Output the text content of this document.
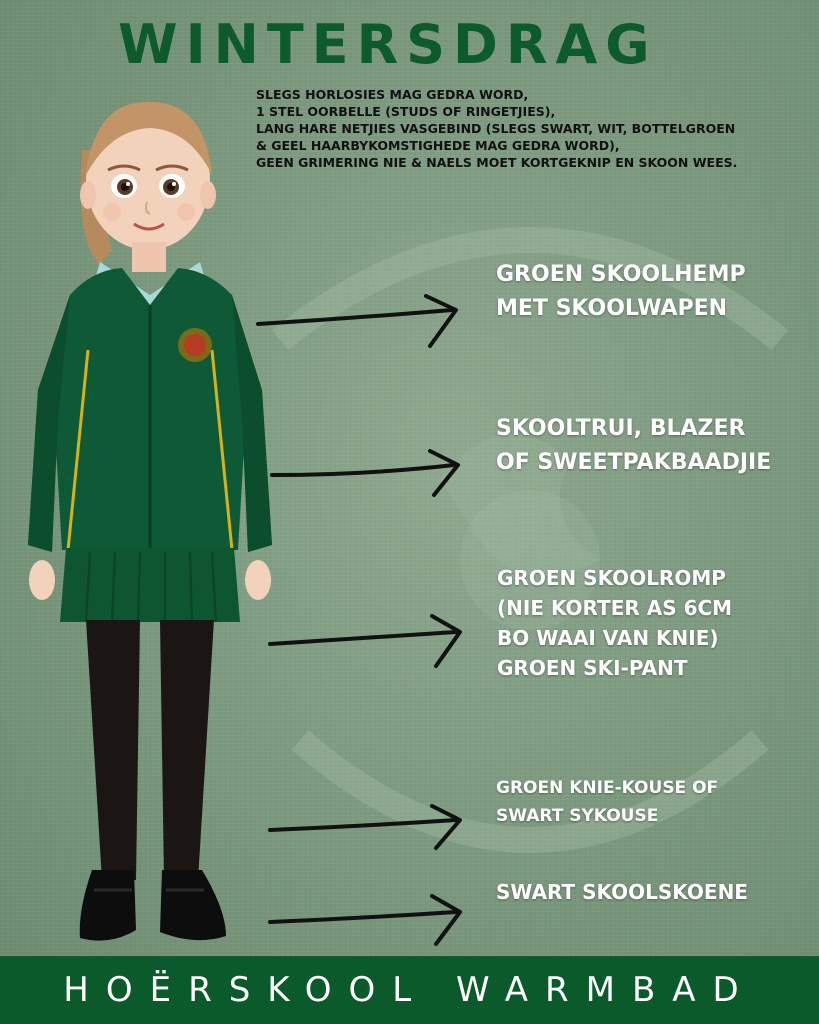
WINTERSDRAG
SLEGS HORLOSIES MAG GEDRA WORD,
1 STEL OORBELLE (STUDS OF RINGETJIES),
LANG HARE NETJIES VASGEBIND (SLEGS SWART, WIT, BOTTELGROEN
& GEEL HAARBYKOMSTIGHEDE MAG GEDRA WORD),
GEEN GRIMERING NIE & NAELS MOET KORTGEKNIP EN SKOON WEES.
GROEN SKOOLHEMP
MET SKOOLWAPEN
SKOOLTRUI, BLAZER
OF SWEETPAKBAADJIE
GROEN SKOOLROMP
(NIE KORTER AS 6CM
BO WAAI VAN KNIE)
GROEN SKI-PANT
GROEN KNIE-KOUSE OF
SWART SYKOUSE
SWART SKOOLSKOENE
HOËRSKOOL WARMBAD
